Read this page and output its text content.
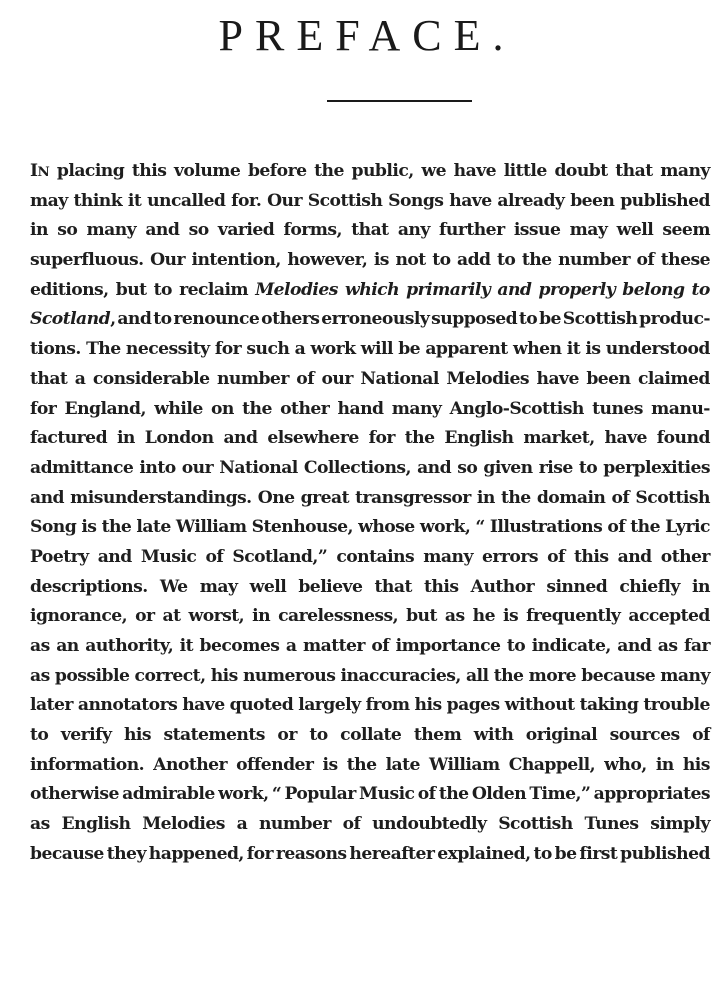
PREFACE.
IN placing this volume before the public, we have little doubt that many
may think it uncalled for. Our Scottish Songs have already been published
in so many and so varied forms, that any further issue may well seem
superfluous. Our intention, however, is not to add to the number of these
editions, but to reclaim Melodies which primarily and properly belong to
Scotland, and to renounce others erroneously supposed to be Scottish produc-
tions. The necessity for such a work will be apparent when it is understood
that a considerable number of our National Melodies have been claimed
for England, while on the other hand many Anglo-Scottish tunes manu-
factured in London and elsewhere for the English market, have found
admittance into our National Collections, and so given rise to perplexities
and misunderstandings. One great transgressor in the domain of Scottish
Song is the late William Stenhouse, whose work, “ Illustrations of the Lyric
Poetry and Music of Scotland,” contains many errors of this and other
descriptions. We may well believe that this Author sinned chiefly in
ignorance, or at worst, in carelessness, but as he is frequently accepted
as an authority, it becomes a matter of importance to indicate, and as far
as possible correct, his numerous inaccuracies, all the more because many
later annotators have quoted largely from his pages without taking trouble
to verify his statements or to collate them with original sources of
information. Another offender is the late William Chappell, who, in his
otherwise admirable work, “ Popular Music of the Olden Time,” appropriates
as English Melodies a number of undoubtedly Scottish Tunes simply
because they happened, for reasons hereafter explained, to be first published
